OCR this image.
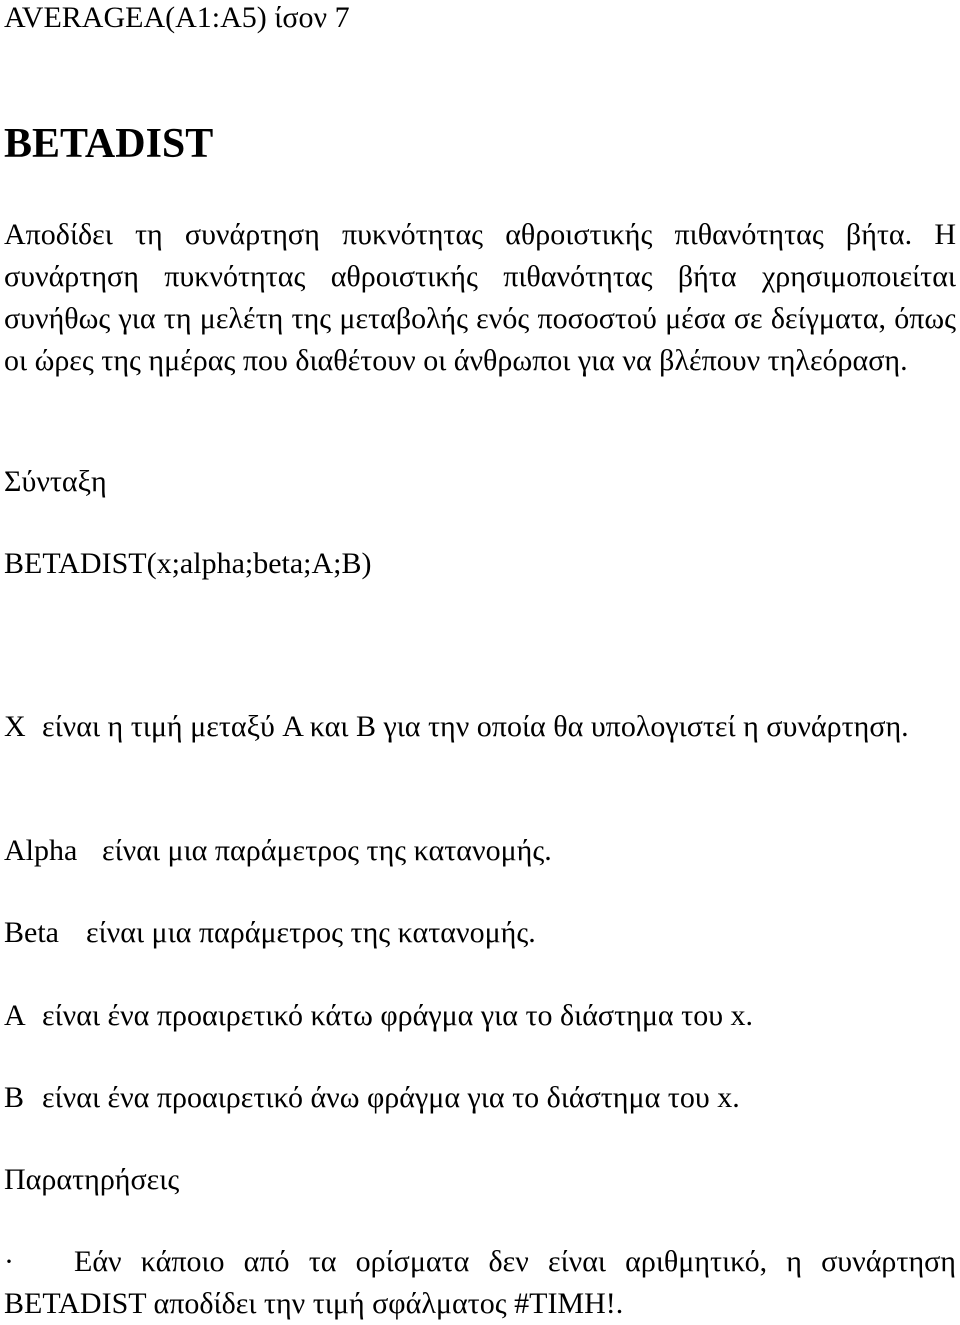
AVERAGEA(A1:A5) ίσον 7

BETADIST

Αποδίδει τη συνάρτηση πυκνότητας αθροιστικής πιθανότητας βήτα. Η συνάρτηση πυκνότητας αθροιστικής πιθανότητας βήτα χρησιμοποιείται συνήθως για τη μελέτη της μεταβολής ενός ποσοστού μέσα σε δείγματα, όπως οι ώρες της ημέρας που διαθέτουν οι άνθρωποι για να βλέπουν τηλεόραση.

Σύνταξη

BETADIST(x;alpha;beta;A;B)

X είναι η τιμή μεταξύ A και B για την οποία θα υπολογιστεί η συνάρτηση.

Alpha είναι μια παράμετρος της κατανομής.

Beta είναι μια παράμετρος της κατανομής.

A είναι ένα προαιρετικό κάτω φράγμα για το διάστημα του x.

B είναι ένα προαιρετικό άνω φράγμα για το διάστημα του x.

Παρατηρήσεις

· Εάν κάποιο από τα ορίσματα δεν είναι αριθμητικό, η συνάρτηση BETADIST αποδίδει την τιμή σφάλματος #ΤΙΜΗ!.
